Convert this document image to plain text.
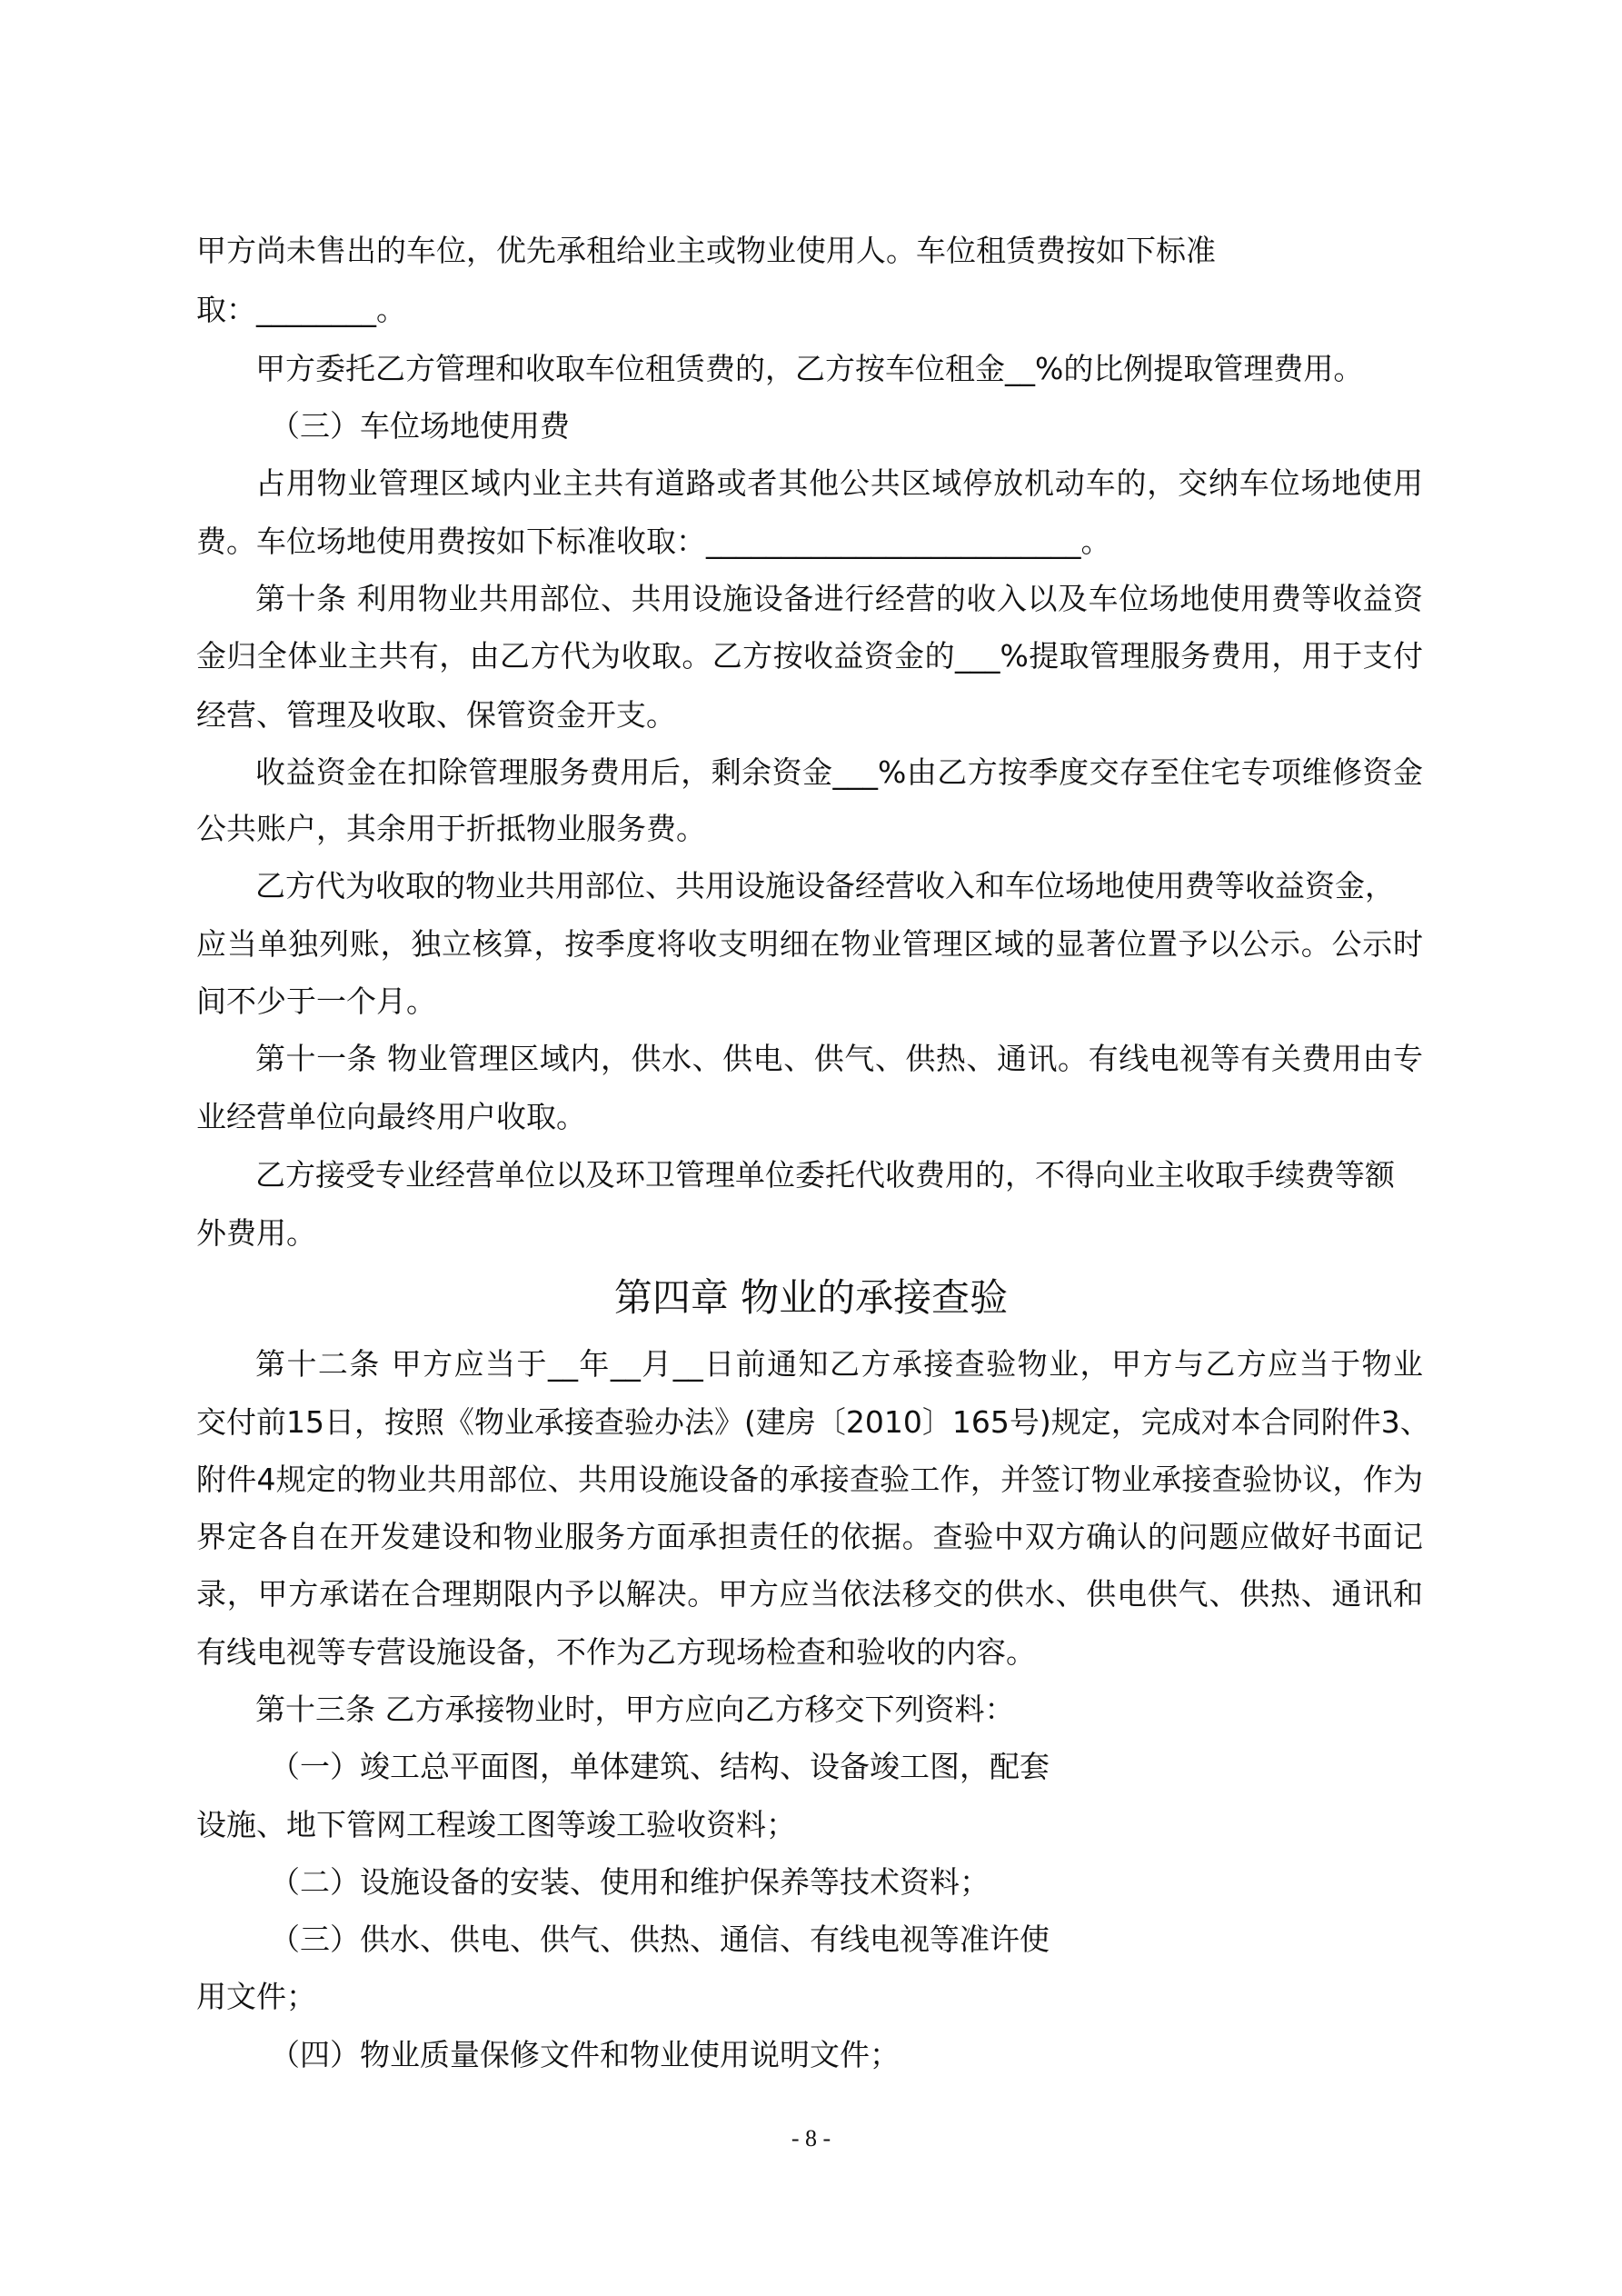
甲方尚未售出的车位，优先承租给业主或物业使用人。车位租赁费按如下标准
取：________。
甲方委托乙方管理和收取车位租赁费的，乙方按车位租金__%的比例提取管理费用。
（三）车位场地使用费
占用物业管理区域内业主共有道路或者其他公共区域停放机动车的，交纳车位场地使用
费。车位场地使用费按如下标准收取：_________________________。
第十条 利用物业共用部位、共用设施设备进行经营的收入以及车位场地使用费等收益资
金归全体业主共有，由乙方代为收取。乙方按收益资金的___%提取管理服务费用，用于支付
经营、管理及收取、保管资金开支。
收益资金在扣除管理服务费用后，剩余资金___%由乙方按季度交存至住宅专项维修资金
公共账户，其余用于折抵物业服务费。
乙方代为收取的物业共用部位、共用设施设备经营收入和车位场地使用费等收益资金，
应当单独列账，独立核算，按季度将收支明细在物业管理区域的显著位置予以公示。公示时
间不少于一个月。
第十一条 物业管理区域内，供水、供电、供气、供热、通讯。有线电视等有关费用由专
业经营单位向最终用户收取。
乙方接受专业经营单位以及环卫管理单位委托代收费用的，不得向业主收取手续费等额
外费用。
第四章 物业的承接查验
第十二条 甲方应当于__年__月__日前通知乙方承接查验物业，甲方与乙方应当于物业
交付前15日，按照《物业承接查验办法》(建房〔2010〕165号)规定，完成对本合同附件3、
附件4规定的物业共用部位、共用设施设备的承接查验工作，并签订物业承接查验协议，作为
界定各自在开发建设和物业服务方面承担责任的依据。查验中双方确认的问题应做好书面记
录，甲方承诺在合理期限内予以解决。甲方应当依法移交的供水、供电供气、供热、通讯和
有线电视等专营设施设备，不作为乙方现场检查和验收的内容。
第十三条 乙方承接物业时，甲方应向乙方移交下列资料：
（一）竣工总平面图，单体建筑、结构、设备竣工图，配套
设施、地下管网工程竣工图等竣工验收资料；
（二）设施设备的安装、使用和维护保养等技术资料；
（三）供水、供电、供气、供热、通信、有线电视等准许使
用文件；
（四）物业质量保修文件和物业使用说明文件；
- 8 -
